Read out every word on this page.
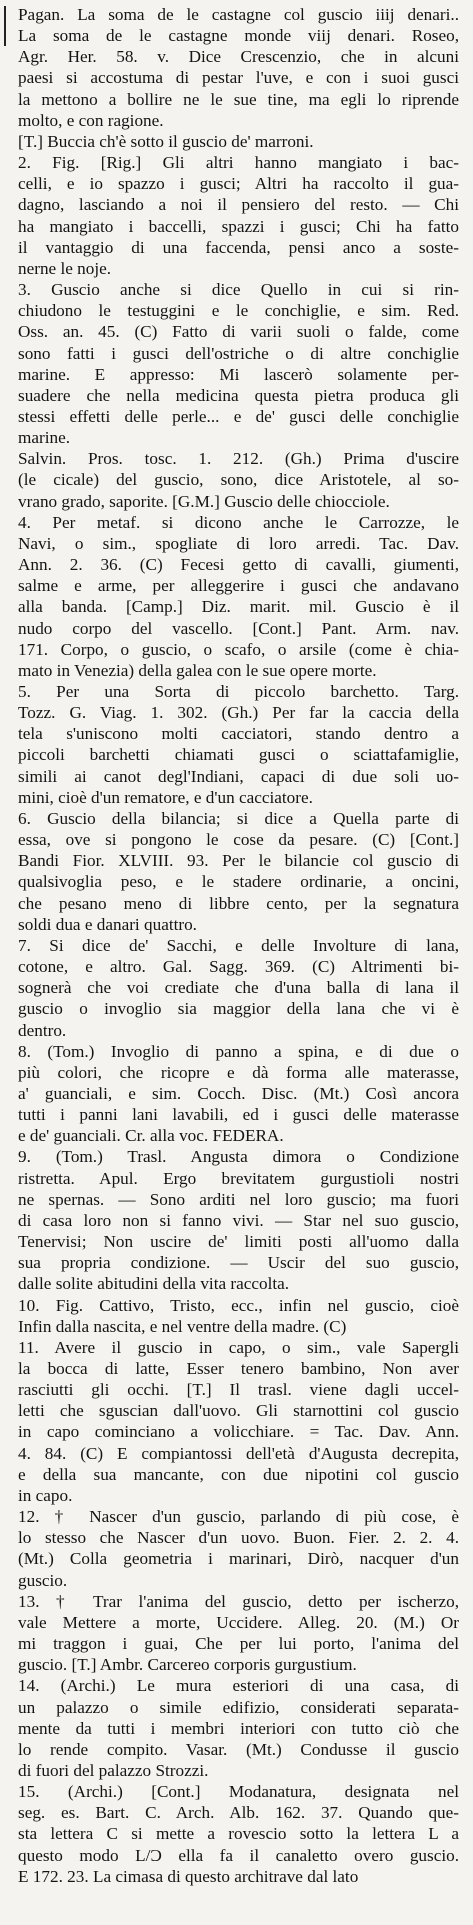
Pagan. La soma de le castagne col guscio iiij denari..
La soma de le castagne monde viij denari. Roseo,
Agr. Her. 58. v. Dice Crescenzio, che in alcuni
paesi si accostuma di pestar l'uve, e con i suoi gusci
la mettono a bollire ne le sue tine, ma egli lo riprende
molto, e con ragione.
[T.] Buccia ch'è sotto il guscio de' marroni.
2. Fig. [Rig.] Gli altri hanno mangiato i bac-
celli, e io spazzo i gusci; Altri ha raccolto il gua-
dagno, lasciando a noi il pensiero del resto. — Chi
ha mangiato i baccelli, spazzi i gusci; Chi ha fatto
il vantaggio di una faccenda, pensi anco a soste-
nerne le noje.
3. Guscio anche si dice Quello in cui si rin-
chiudono le testuggini e le conchiglie, e sim. Red.
Oss. an. 45. (C) Fatto di varii suoli o falde, come
sono fatti i gusci dell'ostriche o di altre conchiglie
marine. E appresso: Mi lascerò solamente per-
suadere che nella medicina questa pietra produca gli
stessi effetti delle perle... e de' gusci delle conchiglie
marine.
Salvin. Pros. tosc. 1. 212. (Gh.) Prima d'uscire
(le cicale) del guscio, sono, dice Aristotele, al so-
vrano grado, saporite. [G.M.] Guscio delle chiocciole.
4. Per metaf. si dicono anche le Carrozze, le
Navi, o sim., spogliate di loro arredi. Tac. Dav.
Ann. 2. 36. (C) Fecesi getto di cavalli, giumenti,
salme e arme, per alleggerire i gusci che andavano
alla banda. [Camp.] Diz. marit. mil. Guscio è il
nudo corpo del vascello. [Cont.] Pant. Arm. nav.
171. Corpo, o guscio, o scafo, o arsile (come è chia-
mato in Venezia) della galea con le sue opere morte.
5. Per una Sorta di piccolo barchetto. Targ.
Tozz. G. Viag. 1. 302. (Gh.) Per far la caccia della
tela s'uniscono molti cacciatori, stando dentro a
piccoli barchetti chiamati gusci o sciattafamiglie,
simili ai canot degl'Indiani, capaci di due soli uo-
mini, cioè d'un rematore, e d'un cacciatore.
6. Guscio della bilancia; si dice a Quella parte di
essa, ove si pongono le cose da pesare. (C) [Cont.]
Bandi Fior. XLVIII. 93. Per le bilancie col guscio di
qualsivoglia peso, e le stadere ordinarie, a oncini,
che pesano meno di libbre cento, per la segnatura
soldi dua e danari quattro.
7. Si dice de' Sacchi, e delle Involture di lana,
cotone, e altro. Gal. Sagg. 369. (C) Altrimenti bi-
sognerà che voi crediate che d'una balla di lana il
guscio o invoglio sia maggior della lana che vi è
dentro.
8. (Tom.) Invoglio di panno a spina, e di due o
più colori, che ricopre e dà forma alle materasse,
a' guanciali, e sim. Cocch. Disc. (Mt.) Così ancora
tutti i panni lani lavabili, ed i gusci delle materasse
e de' guanciali. Cr. alla voc. FEDERA.
9. (Tom.) Trasl. Angusta dimora o Condizione
ristretta. Apul. Ergo brevitatem gurgustioli nostri
ne spernas. — Sono arditi nel loro guscio; ma fuori
di casa loro non si fanno vivi. — Star nel suo guscio,
Tenervisi; Non uscire de' limiti posti all'uomo dalla
sua propria condizione. — Uscir del suo guscio,
dalle solite abitudini della vita raccolta.
10. Fig. Cattivo, Tristo, ecc., infin nel guscio, cioè
Infin dalla nascita, e nel ventre della madre. (C)
11. Avere il guscio in capo, o sim., vale Sapergli
la bocca di latte, Esser tenero bambino, Non aver
rasciutti gli occhi. [T.] Il trasl. viene dagli uccel-
letti che sguscian dall'uovo. Gli starnottini col guscio
in capo cominciano a volicchiare. = Tac. Dav. Ann.
4. 84. (C) E compiantossi dell'età d'Augusta decrepita,
e della sua mancante, con due nipotini col guscio
in capo.
12. † Nascer d'un guscio, parlando di più cose, è
lo stesso che Nascer d'un uovo. Buon. Fier. 2. 2. 4.
(Mt.) Colla geometria i marinari, Dirò, nacquer d'un
guscio.
13. † Trar l'anima del guscio, detto per ischerzo,
vale Mettere a morte, Uccidere. Alleg. 20. (M.) Or
mi traggon i guai, Che per lui porto, l'anima del
guscio. [T.] Ambr. Carcereo corporis gurgustium.
14. (Archi.) Le mura esteriori di una casa, di
un palazzo o simile edifizio, considerati separata-
mente da tutti i membri interiori con tutto ciò che
lo rende compito. Vasar. (Mt.) Condusse il guscio
di fuori del palazzo Strozzi.
15. (Archi.) [Cont.] Modanatura, designata nel
seg. es. Bart. C. Arch. Alb. 162. 37. Quando que-
sta lettera C si mette a rovescio sotto la lettera L a
questo modo L/Ɔ ella fa il canaletto overo guscio.
E 172. 23. La cimasa di questo architrave dal lato
